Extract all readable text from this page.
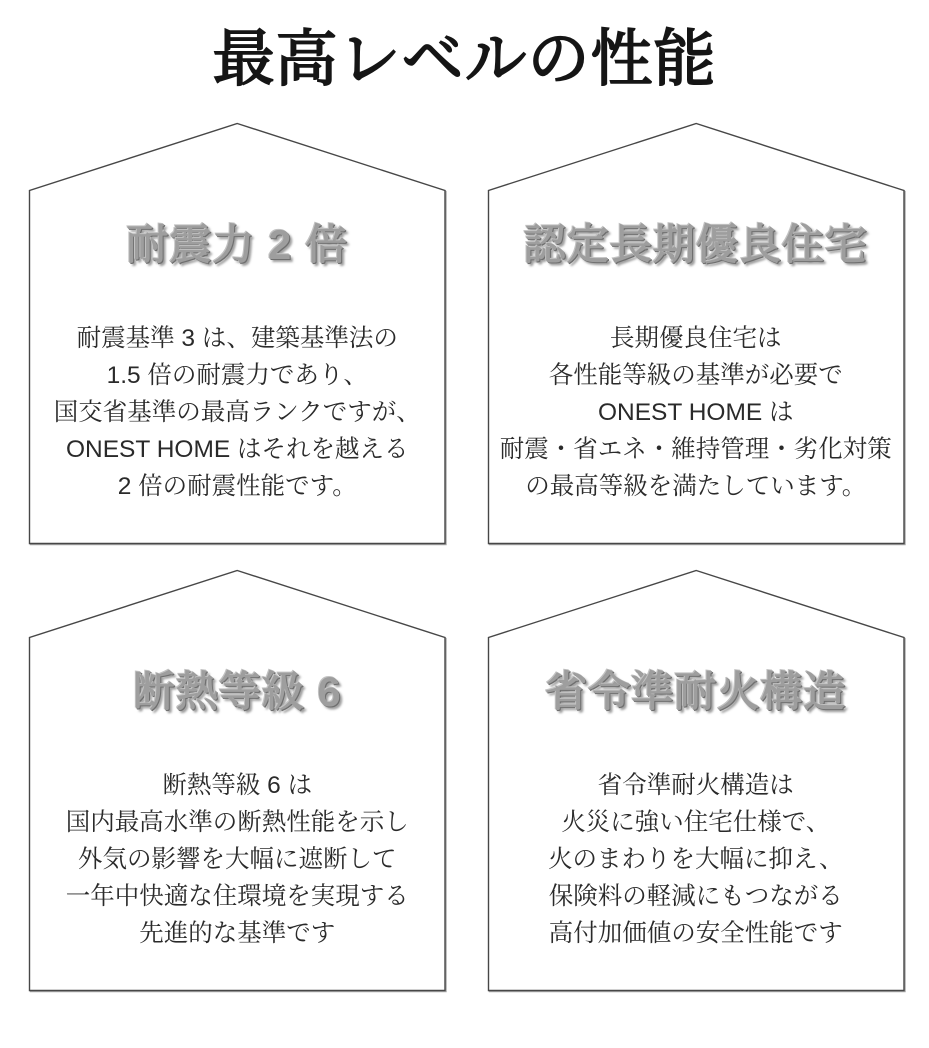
最高レベルの性能
耐震力 2 倍

耐震基準 3 は、建築基準法の

1.5 倍の耐震力であり、

国交省基準の最高ランクですが、

ONEST HOME はそれを越える

2 倍の耐震性能です。

認定長期優良住宅

長期優良住宅は

各性能等級の基準が必要で

ONEST HOME は

耐震・省エネ・維持管理・劣化対策

の最高等級を満たしています。

断熱等級 6

断熱等級 6 は

国内最高水準の断熱性能を示し

外気の影響を大幅に遮断して

一年中快適な住環境を実現する

先進的な基準です

省令準耐火構造

省令準耐火構造は

火災に強い住宅仕様で、

火のまわりを大幅に抑え、

保険料の軽減にもつながる

高付加価値の安全性能です
